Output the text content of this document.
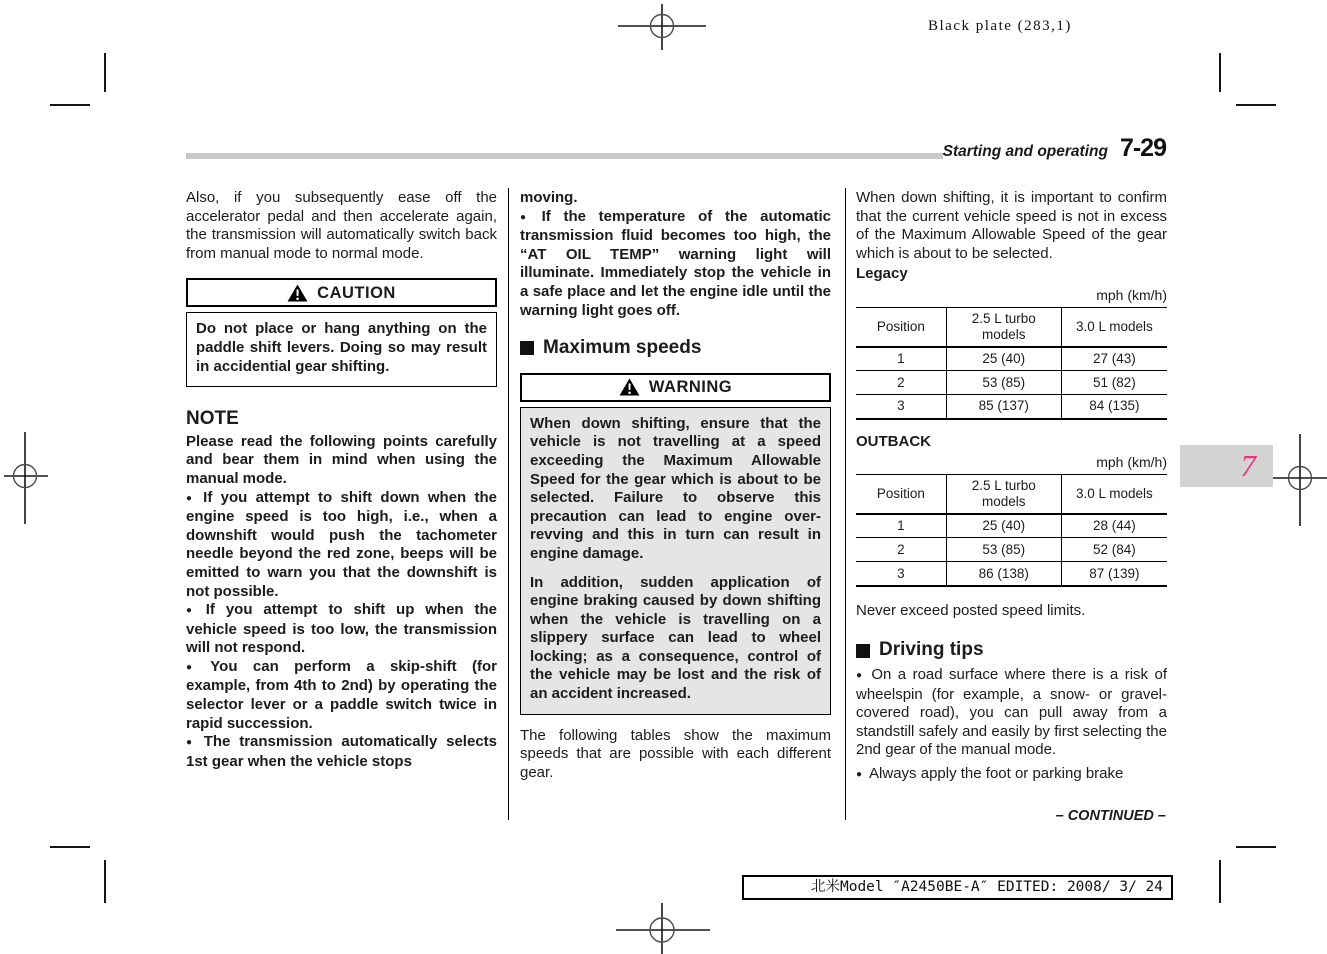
Black plate (283,1)
Starting and operating 7-29

Also, if you subsequently ease off the accelerator pedal and then accelerate again, the transmission will automatically switch back from manual mode to normal mode.

CAUTION

Do not place or hang anything on the paddle shift levers. Doing so may result in accidential gear shifting.

NOTE

Please read the following points carefully and bear them in mind when using the manual mode.

● If you attempt to shift down when the engine speed is too high, i.e., when a downshift would push the tachometer needle beyond the red zone, beeps will be emitted to warn you that the downshift is not possible.

● If you attempt to shift up when the vehicle speed is too low, the transmission will not respond.

● You can perform a skip-shift (for example, from 4th to 2nd) by operating the selector lever or a paddle switch twice in rapid succession.

● The transmission automatically selects 1st gear when the vehicle stops

moving.

● If the temperature of the automatic transmission fluid becomes too high, the “AT OIL TEMP” warning light will illuminate. Immediately stop the vehicle in a safe place and let the engine idle until the warning light goes off.

Maximum speeds
WARNING

When down shifting, ensure that the vehicle is not travelling at a speed exceeding the Maximum Allowable Speed for the gear which is about to be selected. Failure to observe this precaution can lead to engine over-revving and this in turn can result in engine damage.

In addition, sudden application of engine braking caused by down shifting when the vehicle is travelling on a slippery surface can lead to wheel locking; as a consequence, control of the vehicle may be lost and the risk of an accident increased.

The following tables show the maximum speeds that are possible with each different gear.

When down shifting, it is important to confirm that the current vehicle speed is not in excess of the Maximum Allowable Speed of the gear which is about to be selected.

Legacy
mph (km/h)
Position	2.5 L turbo models	3.0 L models
1	25 (40)	27 (43)
2	53 (85)	51 (82)
3	85 (137)	84 (135)
OUTBACK
mph (km/h)
Position	2.5 L turbo models	3.0 L models
1	25 (40)	28 (44)
2	53 (85)	52 (84)
3	86 (138)	87 (139)

Never exceed posted speed limits.

Driving tips

● On a road surface where there is a risk of wheelspin (for example, a snow- or gravel-covered road), you can pull away from a standstill safely and easily by first selecting the 2nd gear of the manual mode.

● Always apply the foot or parking brake

– CONTINUED –
北米Model ″A2450BE-A″ EDITED: 2008/ 3/ 24
7
